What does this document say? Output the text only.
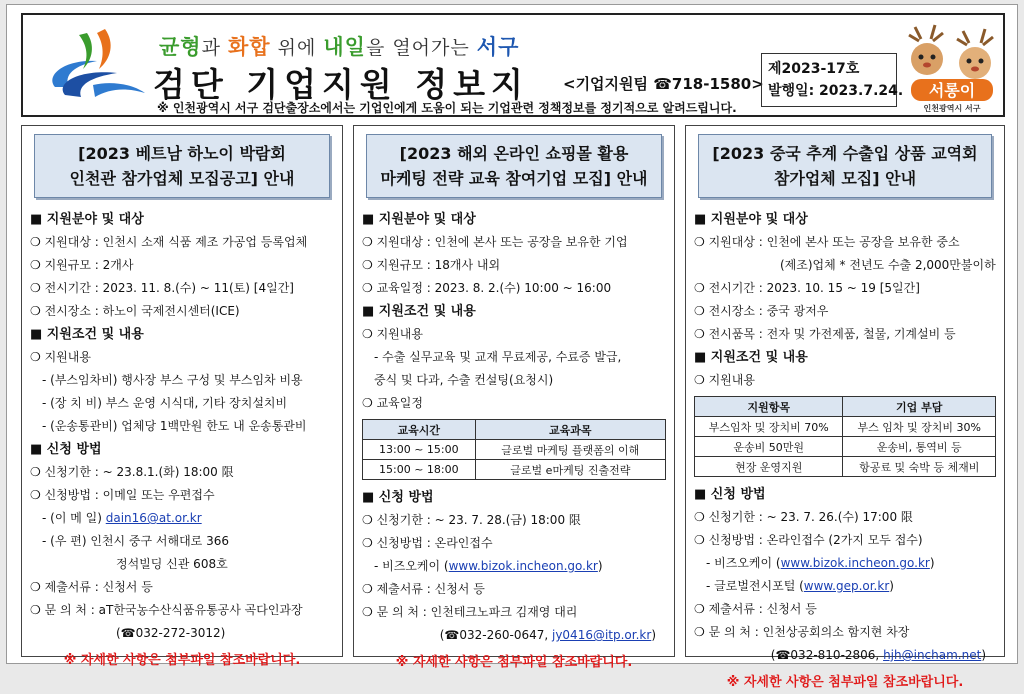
균형과 화합 위에 내일을 열어가는 서구
검단 기업지원 정보지 <기업지원팀 ☎718-1580>
※ 인천광역시 서구 검단출장소에서는 기업인에게 도움이 되는 기업관련 정책정보를 정기적으로 알려드립니다.
제2023-17호
발행일: 2023.7.24. 서롱이
인천광역시 서구
[2023 베트남 하노이 박람회
인천관 참가업체 모집공고] 안내
■ 지원분야 및 대상
❍ 지원대상 : 인천시 소재 식품 제조 가공업 등록업체
❍ 지원규모 : 2개사
❍ 전시기간 : 2023. 11. 8.(수) ~ 11(토) [4일간]
❍ 전시장소 : 하노이 국제전시센터(ICE)
■ 지원조건 및 내용
❍ 지원내용
- (부스임차비) 행사장 부스 구성 및 부스임차 비용
- (장 치 비) 부스 운영 시식대, 기타 장치설치비
- (운송통관비) 업체당 1백만원 한도 내 운송통관비
■ 신청 방법
❍ 신청기한 : ~ 23.8.1.(화) 18:00 限
❍ 신청방법 : 이메일 또는 우편접수
- (이 메 일) dain16@at.or.kr
- (우 편) 인천시 중구 서해대로 366
정석빌딩 신관 608호
❍ 제출서류 : 신청서 등
❍ 문 의 처 : aT한국농수산식품유통공사 곡다인과장
(☎032-272-3012)
※ 자세한 사항은 첨부파일 참조바랍니다.
[2023 해외 온라인 쇼핑몰 활용
마케팅 전략 교육 참여기업 모집] 안내
■ 지원분야 및 대상
❍ 지원대상 : 인천에 본사 또는 공장을 보유한 기업
❍ 지원규모 : 18개사 내외
❍ 교육일정 : 2023. 8. 2.(수) 10:00 ~ 16:00
■ 지원조건 및 내용
❍ 지원내용
- 수출 실무교육 및 교재 무료제공, 수료증 발급,
중식 및 다과, 수출 컨설팅(요청시)
❍ 교육일정
교육시간	교육과목
13:00 ~ 15:00	글로벌 마케팅 플랫폼의 이해
15:00 ~ 18:00	글로벌 e마케팅 진출전략
■ 신청 방법
❍ 신청기한 : ~ 23. 7. 28.(금) 18:00 限
❍ 신청방법 : 온라인접수
- 비즈오케이 (www.bizok.incheon.go.kr)
❍ 제출서류 : 신청서 등
❍ 문 의 처 : 인천테크노파크 김재영 대리
(☎032-260-0647, jy0416@itp.or.kr)
※ 자세한 사항은 첨부파일 참조바랍니다.
[2023 중국 추계 수출입 상품 교역회
참가업체 모집] 안내
■ 지원분야 및 대상
❍ 지원대상 : 인천에 본사 또는 공장을 보유한 중소
(제조)업체 * 전년도 수출 2,000만불이하
❍ 전시기간 : 2023. 10. 15 ~ 19 [5일간]
❍ 전시장소 : 중국 광저우
❍ 전시품목 : 전자 및 가전제품, 철물, 기계설비 등
■ 지원조건 및 내용
❍ 지원내용
지원항목	기업 부담
부스임차 및 장치비 70%	부스 임차 및 장치비 30%
운송비 50만원	운송비, 통역비 등
현장 운영지원	항공료 및 숙박 등 체재비
■ 신청 방법
❍ 신청기한 : ~ 23. 7. 26.(수) 17:00 限
❍ 신청방법 : 온라인접수 (2가지 모두 접수)
- 비즈오케이 (www.bizok.incheon.go.kr)
- 글로벌전시포털 (www.gep.or.kr)
❍ 제출서류 : 신청서 등
❍ 문 의 처 : 인천상공회의소 함지현 차장
(☎032-810-2806, hjh@incham.net)
※ 자세한 사항은 첨부파일 참조바랍니다.
